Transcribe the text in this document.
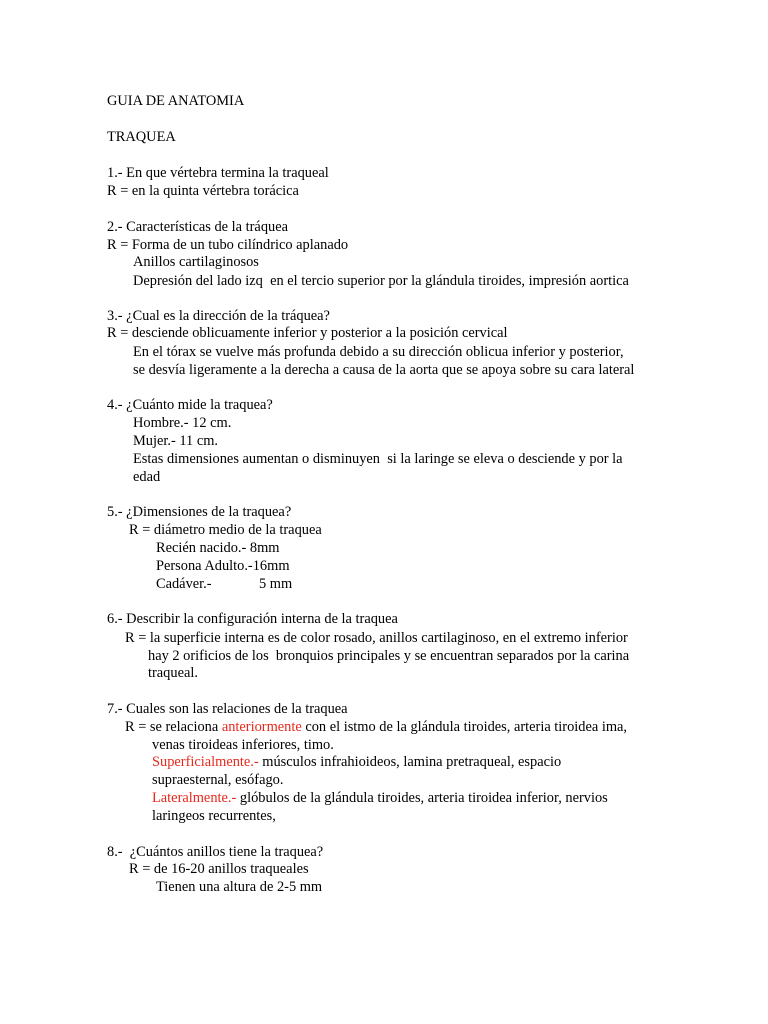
GUIA DE ANATOMIA
TRAQUEA
1.- En que vértebra termina la traqueal
R = en la quinta vértebra torácica
2.- Características de la tráquea
R = Forma de un tubo cilíndrico aplanado
Anillos cartilaginosos
Depresión del lado izq  en el tercio superior por la glándula tiroides, impresión aortica
3.- ¿Cual es la dirección de la tráquea?
R = desciende oblicuamente inferior y posterior a la posición cervical
En el tórax se vuelve más profunda debido a su dirección oblicua inferior y posterior,
se desvía ligeramente a la derecha a causa de la aorta que se apoya sobre su cara lateral
4.- ¿Cuánto mide la traquea?
Hombre.- 12 cm.
Mujer.- 11 cm.
Estas dimensiones aumentan o disminuyen  si la laringe se eleva o desciende y por la
edad
5.- ¿Dimensiones de la traquea?
R = diámetro medio de la traquea
Recién nacido.- 8mm
Persona Adulto.-16mm
Cadáver.-	5 mm
6.- Describir la configuración interna de la traquea
R = la superficie interna es de color rosado, anillos cartilaginoso, en el extremo inferior
hay 2 orificios de los  bronquios principales y se encuentran separados por la carina
traqueal.
7.- Cuales son las relaciones de la traquea
R = se relaciona anteriormente con el istmo de la glándula tiroides, arteria tiroidea ima,
venas tiroideas inferiores, timo.
Superficialmente.- músculos infrahioideos, lamina pretraqueal, espacio
supraesternal, esófago.
Lateralmente.- glóbulos de la glándula tiroides, arteria tiroidea inferior, nervios
laringeos recurrentes,
8.-  ¿Cuántos anillos tiene la traquea?
R = de 16-20 anillos traqueales
Tienen una altura de 2-5 mm
